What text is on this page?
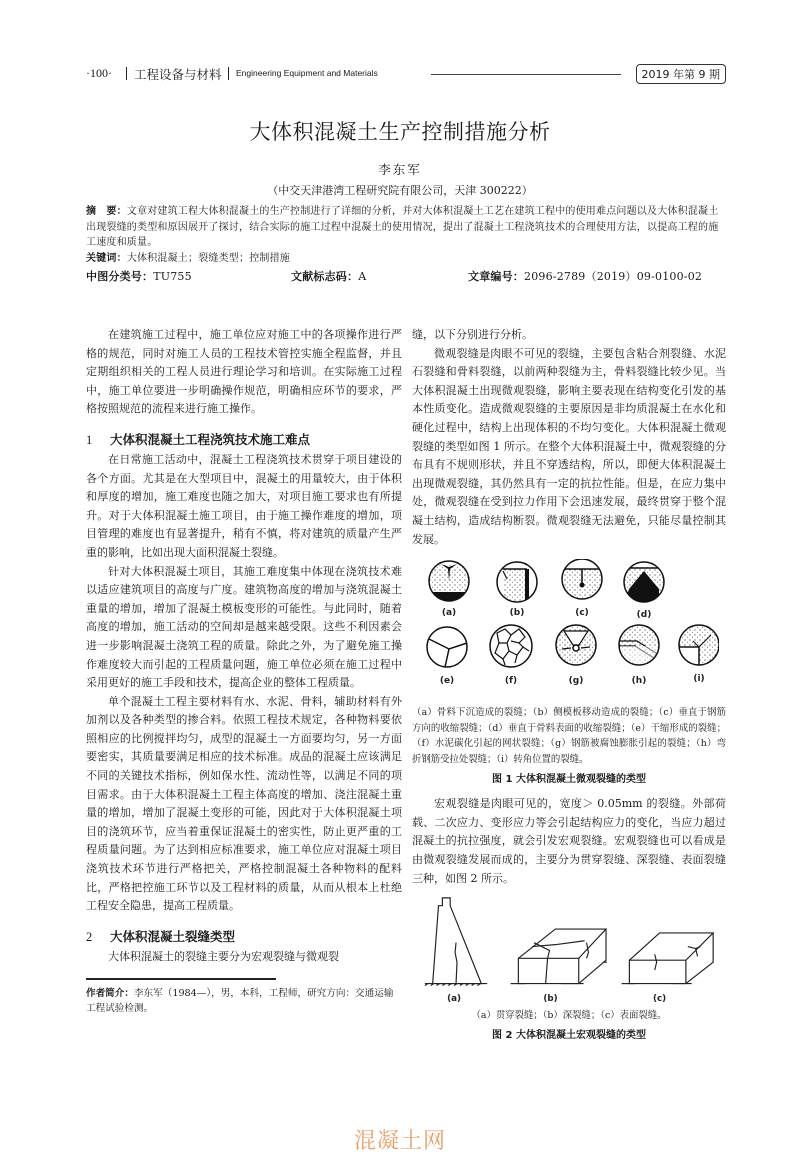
·100· 工程设备与材料 Engineering Equipment and Materials	2019 年第 9 期
大体积混凝土生产控制措施分析
李东军
（中交天津港湾工程研究院有限公司，天津 300222）

摘　要：文章对建筑工程大体积混凝土的生产控制进行了详细的分析，并对大体积混凝土工艺在建筑工程中的使用难点问题以及大体积混凝土出现裂缝的类型和原因展开了探讨，结合实际的施工过程中混凝土的使用情况，提出了混凝土工程浇筑技术的合理使用方法，以提高工程的施工速度和质量。

关键词：大体积混凝土；裂缝类型；控制措施

中图分类号：TU755	文献标志码：A	文章编号：2096-2789（2019）09-0100-02

在建筑施工过程中，施工单位应对施工中的各项操作进行严格的规范，同时对施工人员的工程技术管控实施全程监督，并且定期组织相关的工程人员进行理论学习和培训。在实际施工过程中，施工单位要进一步明确操作规范，明确相应环节的要求，严格按照规范的流程来进行施工操作。

1 大体积混凝土工程浇筑技术施工难点

在日常施工活动中，混凝土工程浇筑技术贯穿于项目建设的各个方面。尤其是在大型项目中，混凝土的用量较大，由于体积和厚度的增加，施工难度也随之加大，对项目施工要求也有所提升。对于大体积混凝土施工项目，由于施工操作难度的增加，项目管理的难度也有显著提升，稍有不慎，将对建筑的质量产生严重的影响，比如出现大面积混凝土裂缝。

针对大体积混凝土项目，其施工难度集中体现在浇筑技术难以适应建筑项目的高度与广度。建筑物高度的增加与浇筑混凝土重量的增加，增加了混凝土模板变形的可能性。与此同时，随着高度的增加，施工活动的空间却是越来越受限。这些不利因素会进一步影响混凝土浇筑工程的质量。除此之外，为了避免施工操作难度较大而引起的工程质量问题，施工单位必须在施工过程中采用更好的施工手段和技术，提高企业的整体工程质量。

单个混凝土工程主要材料有水、水泥、骨料，辅助材料有外加剂以及各种类型的掺合料。依照工程技术规定，各种物料要依照相应的比例搅拌均匀，成型的混凝土一方面要均匀，另一方面要密实，其质量要满足相应的技术标准。成品的混凝土应该满足不同的关键技术指标，例如保水性、流动性等，以满足不同的项目需求。由于大体积混凝土工程主体高度的增加、浇注混凝土重量的增加，增加了混凝土变形的可能，因此对于大体积混凝土项目的浇筑环节，应当着重保证混凝土的密实性，防止更严重的工程质量问题。为了达到相应标准要求，施工单位应对混凝土项目浇筑技术环节进行严格把关，严格控制混凝土各种物料的配料比，严格把控施工环节以及工程材料的质量，从而从根本上杜绝工程安全隐患，提高工程质量。

2 大体积混凝土裂缝类型

大体积混凝土的裂缝主要分为宏观裂缝与微观裂

作者简介：李东军（1984—），男，本科，工程师，研究方向：交通运输工程试验检测。

缝，以下分别进行分析。

微观裂缝是肉眼不可见的裂缝，主要包含粘合剂裂缝、水泥石裂缝和骨料裂缝，以前两种裂缝为主，骨料裂缝比较少见。当大体积混凝土出现微观裂缝，影响主要表现在结构变化引发的基本性质变化。造成微观裂缝的主要原因是非均质混凝土在水化和硬化过程中，结构上出现体积的不均匀变化。大体积混凝土微观裂缝的类型如图 1 所示。在整个大体积混凝土中，微观裂缝的分布具有不规则形状，并且不穿透结构，所以，即便大体积混凝土出现微观裂缝，其仍然具有一定的抗拉性能。但是，在应力集中处，微观裂缝在受到拉力作用下会迅速发展，最终贯穿于整个混凝土结构，造成结构断裂。微观裂缝无法避免，只能尽量控制其发展。

(a)	(b)	(c)	(d)
(e)	(f)	(g)	(h)	(i)
（a）骨料下沉造成的裂缝；（b）侧模板移动造成的裂缝；（c）垂直于钢筋方向的收缩裂缝；（d）垂直于骨料表面的收缩裂缝；（e）干缩形成的裂缝；（f）水泥碳化引起的网状裂缝；（g）钢筋被腐蚀膨胀引起的裂缝；（h）弯折钢筋受拉处裂缝；（i）转角位置的裂缝。
图 1 大体积混凝土微观裂缝的类型

宏观裂缝是肉眼可见的，宽度＞ 0.05mm 的裂缝。外部荷载、二次应力、变形应力等会引起结构应力的变化，当应力超过混凝土的抗拉强度，就会引发宏观裂缝。宏观裂缝也可以看成是由微观裂缝发展而成的，主要分为贯穿裂缝、深裂缝、表面裂缝三种，如图 2 所示。

(a)	(b)	(c)
（a）贯穿裂缝；（b）深裂缝；（c）表面裂缝。
图 2 大体积混凝土宏观裂缝的类型
混凝土网
